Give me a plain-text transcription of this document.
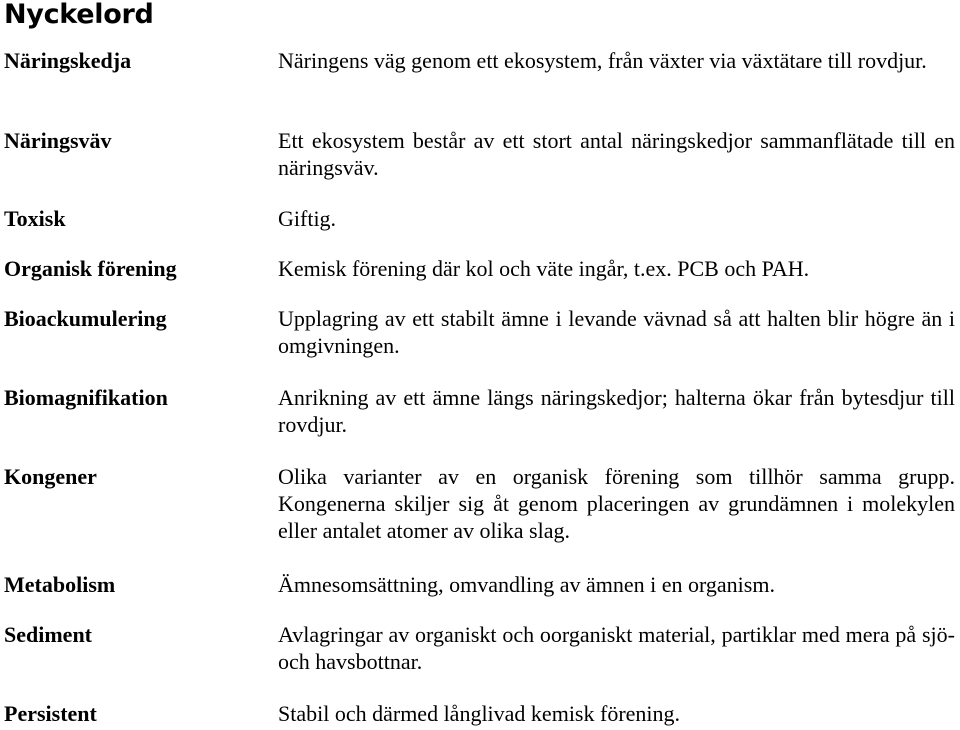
Nyckelord
Näringskedja	Näringens väg genom ett ekosystem, från växter via växtätare till rovdjur.
Näringsväv	Ett ekosystem består av ett stort antal näringskedjor sammanflätade till en näringsväv.
Toxisk	Giftig.
Organisk förening	Kemisk förening där kol och väte ingår, t.ex. PCB och PAH.
Bioackumulering	Upplagring av ett stabilt ämne i levande vävnad så att halten blir högre än i omgivningen.
Biomagnifikation	Anrikning av ett ämne längs näringskedjor; halterna ökar från bytesdjur till rovdjur.
Kongener	Olika varianter av en organisk förening som tillhör samma grupp. Kongenerna skiljer sig åt genom placeringen av grundämnen i molekylen eller antalet atomer av olika slag.
Metabolism	Ämnesomsättning, omvandling av ämnen i en organism.
Sediment	Avlagringar av organiskt och oorganiskt material, partiklar med mera på sjö- och havsbottnar.
Persistent	Stabil och därmed långlivad kemisk förening.
